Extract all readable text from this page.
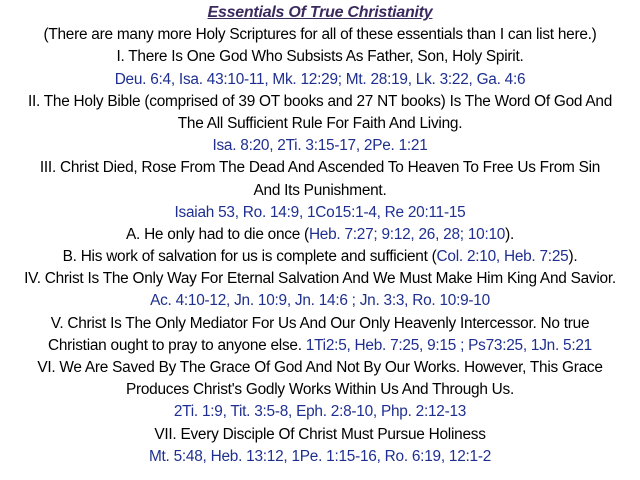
Essentials Of True Christianity
(There are many more Holy Scriptures for all of these essentials than I can list here.)
I. There Is One God Who Subsists As Father, Son, Holy Spirit.
Deu. 6:4, Isa. 43:10-11, Mk. 12:29; Mt. 28:19, Lk. 3:22, Ga. 4:6
II. The Holy Bible (comprised of 39 OT books and 27 NT books) Is The Word Of God And
The All Sufficient Rule For Faith And Living.
Isa. 8:20, 2Ti. 3:15-17, 2Pe. 1:21
III. Christ Died, Rose From The Dead And Ascended To Heaven To Free Us From Sin
And Its Punishment.
Isaiah 53, Ro. 14:9, 1Co15:1-4, Re 20:11-15
A. He only had to die once (Heb. 7:27; 9:12, 26, 28; 10:10).
B. His work of salvation for us is complete and sufficient (Col. 2:10, Heb. 7:25).
IV. Christ Is The Only Way For Eternal Salvation And We Must Make Him King And Savior.
Ac. 4:10-12, Jn. 10:9, Jn. 14:6 ; Jn. 3:3, Ro. 10:9-10
V. Christ Is The Only Mediator For Us And Our Only Heavenly Intercessor. No true
Christian ought to pray to anyone else. 1Ti2:5, Heb. 7:25, 9:15 ; Ps73:25, 1Jn. 5:21
VI. We Are Saved By The Grace Of God And Not By Our Works. However, This Grace
Produces Christ's Godly Works Within Us And Through Us.
2Ti. 1:9, Tit. 3:5-8, Eph. 2:8-10, Php. 2:12-13
VII. Every Disciple Of Christ Must Pursue Holiness
Mt. 5:48, Heb. 13:12, 1Pe. 1:15-16, Ro. 6:19, 12:1-2
